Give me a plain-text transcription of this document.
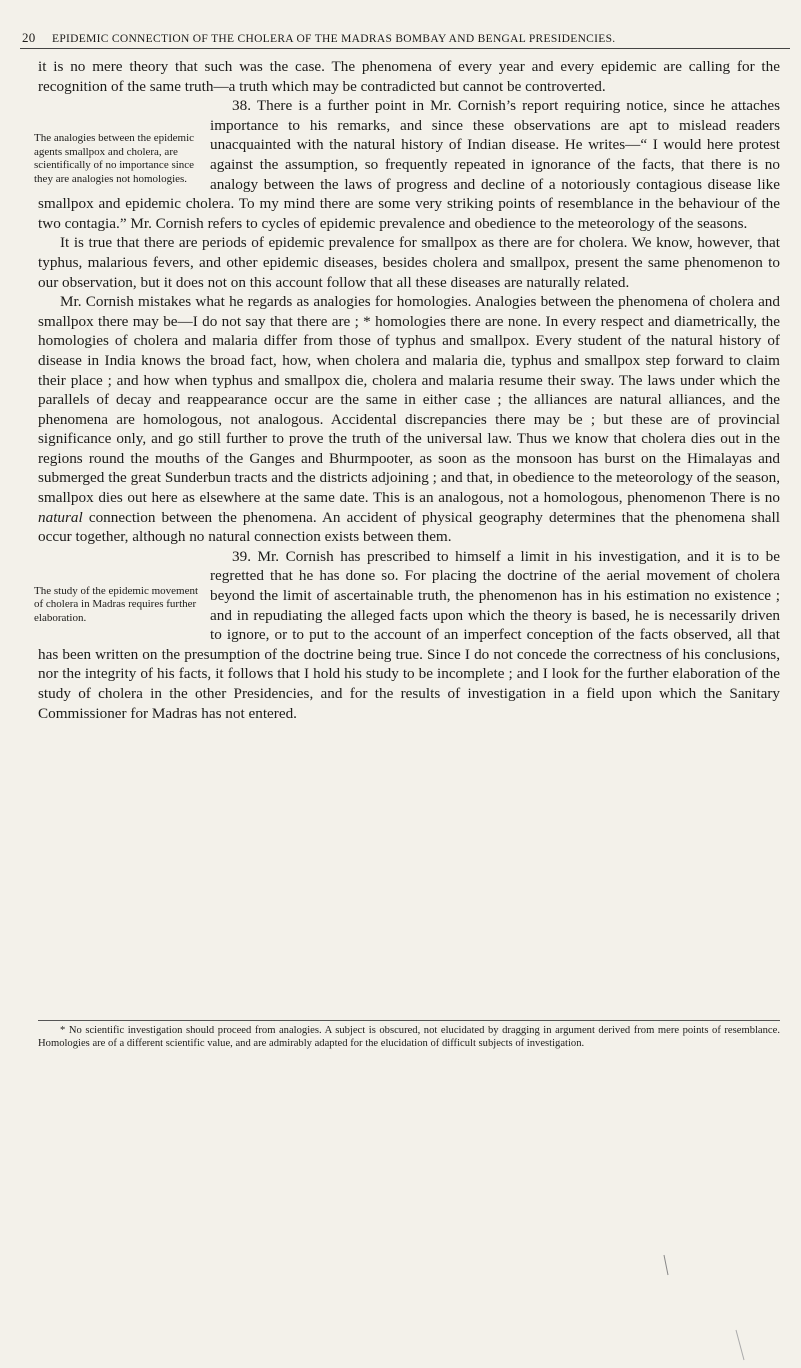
20 EPIDEMIC CONNECTION OF THE CHOLERA OF THE MADRAS BOMBAY AND BENGAL PRESIDENCIES.

it is no mere theory that such was the case. The phenomena of every year and every epidemic are calling for the recognition of the same truth—a truth which may be contradicted but cannot be controverted.

The analogies between the epidemic agents smallpox and cholera, are scientifically of no importance since they are analogies not homologies.

38. There is a further point in Mr. Cornish’s report requiring notice, since he attaches importance to his remarks, and since these observations are apt to mislead readers unacquainted with the natural history of Indian disease. He writes—“ I would here protest against the assumption, so frequently repeated in ignorance of the facts, that there is no analogy between the laws of progress and decline of a notoriously contagious disease like smallpox and epidemic cholera. To my mind there are some very striking points of resemblance in the behaviour of the two contagia.” Mr. Cornish refers to cycles of epidemic prevalence and obedience to the meteorology of the seasons.

It is true that there are periods of epidemic prevalence for smallpox as there are for cholera. We know, however, that typhus, malarious fevers, and other epidemic diseases, besides cholera and smallpox, present the same phenomenon to our observation, but it does not on this account follow that all these diseases are naturally related.

Mr. Cornish mistakes what he regards as analogies for homologies. Analogies between the phenomena of cholera and smallpox there may be—I do not say that there are ; * homologies there are none. In every respect and diametrically, the homologies of cholera and malaria differ from those of typhus and smallpox. Every student of the natural history of disease in India knows the broad fact, how, when cholera and malaria die, typhus and smallpox step forward to claim their place ; and how when typhus and smallpox die, cholera and malaria resume their sway. The laws under which the parallels of decay and reappearance occur are the same in either case ; the alliances are natural alliances, and the phenomena are homologous, not analogous. Accidental discrepancies there may be ; but these are of provincial significance only, and go still further to prove the truth of the universal law. Thus we know that cholera dies out in the regions round the mouths of the Ganges and Bhurmpooter, as soon as the monsoon has burst on the Himalayas and submerged the great Sunderbun tracts and the districts adjoining ; and that, in obedience to the meteorology of the season, smallpox dies out here as elsewhere at the same date. This is an analogous, not a homologous, phenomenon There is no natural connection between the phenomena. An accident of physical geography determines that the phenomena shall occur together, although no natural connection exists between them.

The study of the epidemic movement of cholera in Madras requires further elaboration.

39. Mr. Cornish has prescribed to himself a limit in his investigation, and it is to be regretted that he has done so. For placing the doctrine of the aerial movement of cholera beyond the limit of ascertainable truth, the phenomenon has in his estimation no existence ; and in repudiating the alleged facts upon which the theory is based, he is necessarily driven to ignore, or to put to the account of an imperfect conception of the facts observed, all that has been written on the presumption of the doctrine being true. Since I do not concede the correctness of his conclusions, nor the integrity of his facts, it follows that I hold his study to be incomplete ; and I look for the further elaboration of the study of cholera in the other Presidencies, and for the results of investigation in a field upon which the Sanitary Commissioner for Madras has not entered.

* No scientific investigation should proceed from analogies. A subject is obscured, not elucidated by dragging in argument derived from mere points of resemblance. Homologies are of a different scientific value, and are admirably adapted for the elucidation of difficult subjects of investigation.
